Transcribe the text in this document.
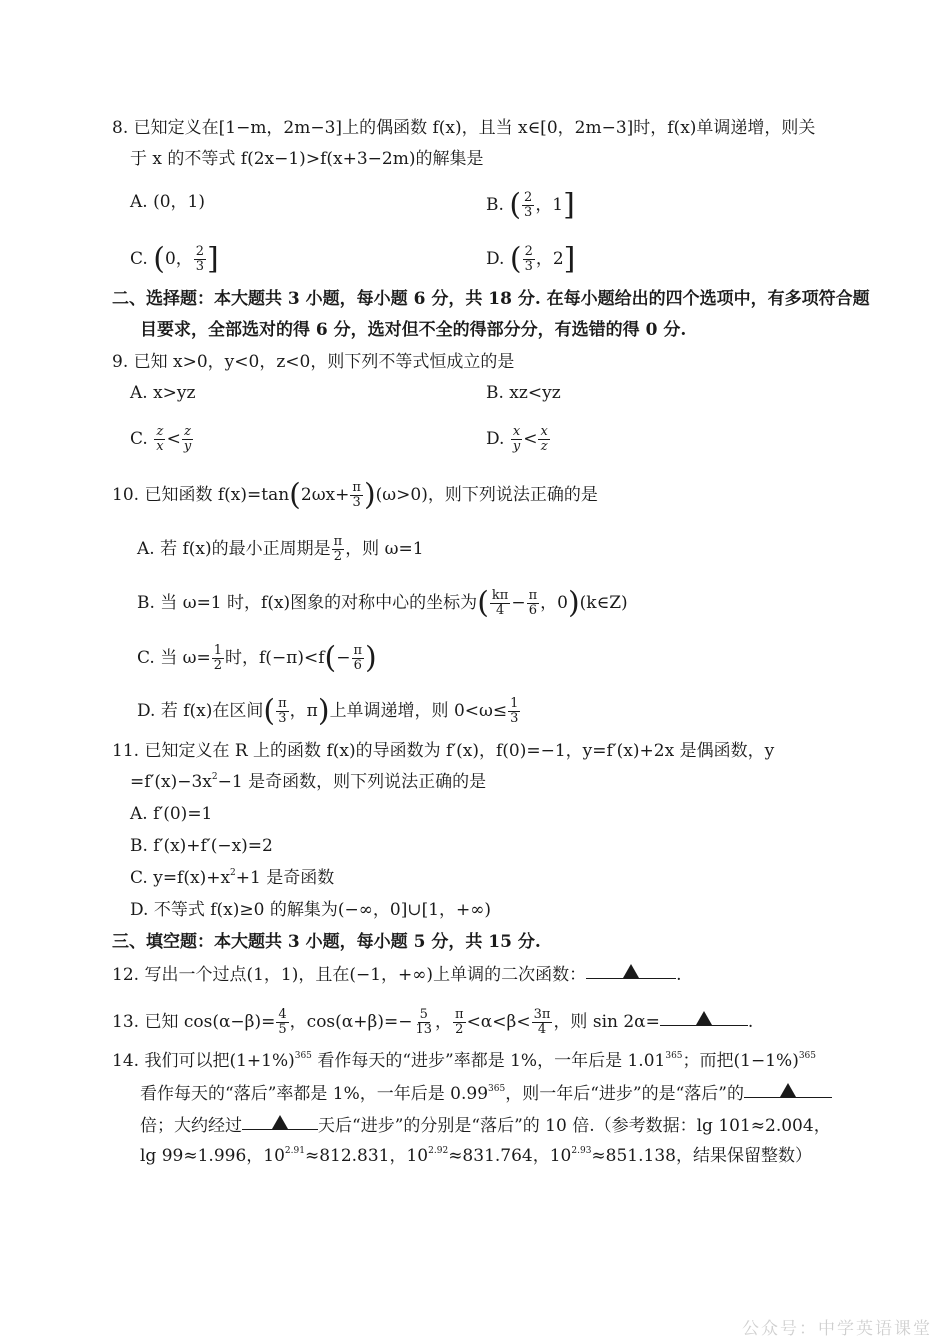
8. 已知定义在[1−m，2m−3]上的偶函数 f(x)，且当 x∈[0，2m−3]时，f(x)单调递增，则关
于 x 的不等式 f(2x−1)>f(x+3−2m)的解集是
A. (0，1)	B. ( $\frac{2}{3}$ ，1]
C. (0， $\frac{2}{3}$ ]	D. ( $\frac{2}{3}$ ，2]
二、选择题：本大题共 3 小题，每小题 6 分，共 18 分. 在每小题给出的四个选项中，有多项符合题
目要求，全部选对的得 6 分，选对但不全的得部分分，有选错的得 0 分.
9. 已知 x>0，y<0，z<0，则下列不等式恒成立的是
A. x>yz	B. xz<yz
C. $\frac{z}{x} < \frac{z}{y}$	D. $\frac{x}{y} < \frac{x}{z}$
10. 已知函数 $f(x)=\tan(2\omega x+ \frac{\pi}{3} )(\omega>0)$，则下列说法正确的是
A. 若 f(x)的最小正周期是 $\frac{\pi}{2}$ ，则 ω=1
B. 当 ω=1 时，f(x)图象的对称中心的坐标为( $\frac{k\pi}{4} - \frac{\pi}{6}$ ，0)(k∈Z)
C. 当 $\omega= \frac{1}{2}$ 时，$f(-\pi)<f(- \frac{\pi}{6}$ )
D. 若 f(x)在区间( $\frac{\pi}{3}$ ，π)上单调递增，则 $0<\omega\le \frac{1}{3}$
11. 已知定义在 R 上的函数 f(x)的导函数为 f′(x)，f(0)=−1，y=f′(x)+2x 是偶函数，y
$=f'(x)-3x^2-1$ 是奇函数，则下列说法正确的是
A. f′(0)=1
B. f′(x)+f′(−x)=2
C. $y=f(x)+x^2+1$ 是奇函数
D. 不等式 f(x)≥0 的解集为(−∞，0]∪[1，+∞)
三、填空题：本大题共 3 小题，每小题 5 分，共 15 分.
12. 写出一个过点(1，1)，且在(−1，+∞)上单调的二次函数：	.
13. 已知 $\cos(\alpha-\beta)= \frac{4}{5}$ ，$\cos(\alpha+\beta)=- \frac{5}{13}$ ， $\frac{\pi}{2} <\alpha<\beta< \frac{3\pi}{4}$ ，则 sin 2α=	.
14. 我们可以把$(1+1\%)^{365}$ 看作每天的“进步”率都是 1%，一年后是 1.01$^{365}$；而把$(1-1\%)^{365}$
看作每天的“落后”率都是 1%，一年后是 0.99$^{365}$，则一年后“进步”的是“落后”的
倍；大约经过	天后“进步”的分别是“落后”的 10 倍.（参考数据：lg 101≈2.004，
lg 99≈1.996，$10^{2.91}\approx 812.831$，$10^{2.92}\approx 831.764$，$10^{2.93}\approx 851.138$，结果保留整数）
公众号：中学英语课堂
